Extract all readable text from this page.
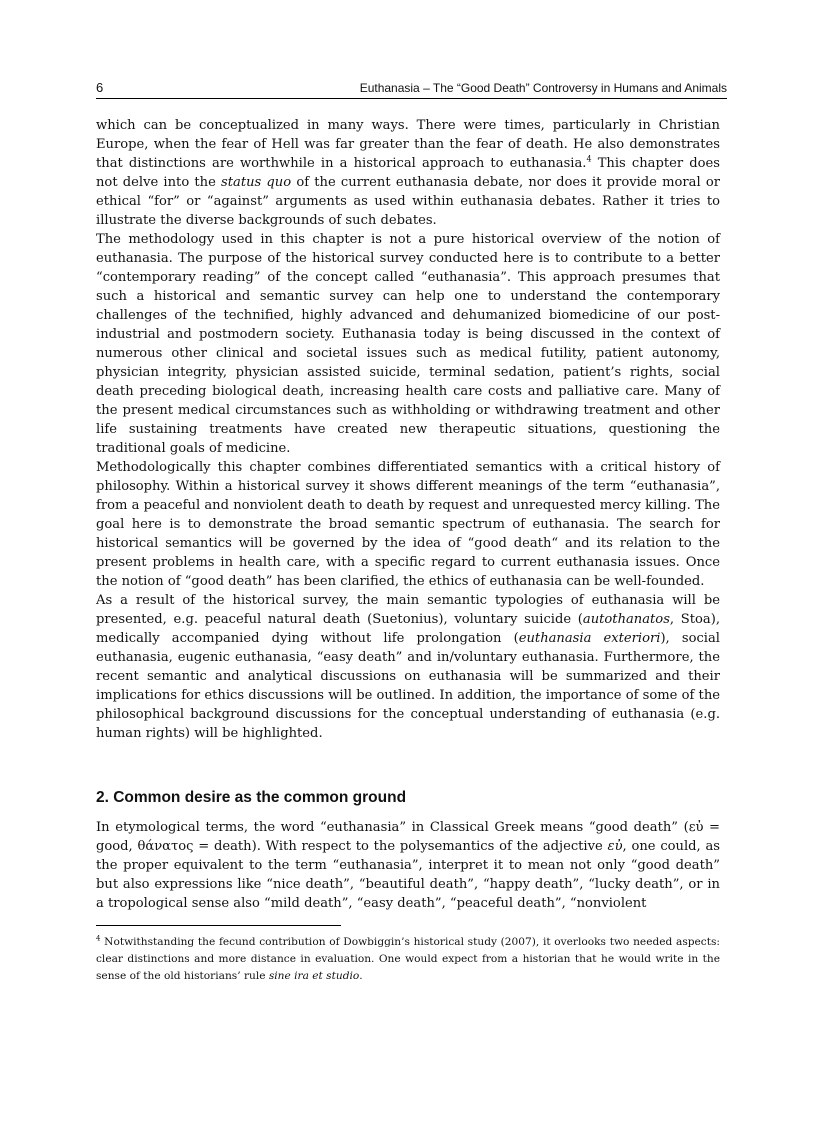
6	Euthanasia – The “Good Death” Controversy in Humans and Animals

which can be conceptualized in many ways. There were times, particularly in Christian Europe, when the fear of Hell was far greater than the fear of death. He also demonstrates that distinctions are worthwhile in a historical approach to euthanasia.$^4$ This chapter does not delve into the status quo of the current euthanasia debate, nor does it provide moral or ethical “for” or “against” arguments as used within euthanasia debates. Rather it tries to illustrate the diverse backgrounds of such debates.

The methodology used in this chapter is not a pure historical overview of the notion of euthanasia. The purpose of the historical survey conducted here is to contribute to a better “contemporary reading” of the concept called “euthanasia”. This approach presumes that such a historical and semantic survey can help one to understand the contemporary challenges of the technified, highly advanced and dehumanized biomedicine of our post-industrial and postmodern society. Euthanasia today is being discussed in the context of numerous other clinical and societal issues such as medical futility, patient autonomy, physician integrity, physician assisted suicide, terminal sedation, patient’s rights, social death preceding biological death, increasing health care costs and palliative care. Many of the present medical circumstances such as withholding or withdrawing treatment and other life sustaining treatments have created new therapeutic situations, questioning the traditional goals of medicine.

Methodologically this chapter combines differentiated semantics with a critical history of philosophy. Within a historical survey it shows different meanings of the term “euthanasia”, from a peaceful and nonviolent death to death by request and unrequested mercy killing. The goal here is to demonstrate the broad semantic spectrum of euthanasia. The search for historical semantics will be governed by the idea of “good death“ and its relation to the present problems in health care, with a specific regard to current euthanasia issues. Once the notion of “good death” has been clarified, the ethics of euthanasia can be well-founded.

As a result of the historical survey, the main semantic typologies of euthanasia will be presented, e.g. peaceful natural death (Suetonius), voluntary suicide (autothanatos, Stoa), medically accompanied dying without life prolongation (euthanasia exteriori), social euthanasia, eugenic euthanasia, “easy death” and in/voluntary euthanasia. Furthermore, the recent semantic and analytical discussions on euthanasia will be summarized and their implications for ethics discussions will be outlined. In addition, the importance of some of the philosophical background discussions for the conceptual understanding of euthanasia (e.g. human rights) will be highlighted.

2. Common desire as the common ground

In etymological terms, the word “euthanasia” in Classical Greek means “good death” (εὐ = good, θάνατος = death). With respect to the polysemantics of the adjective εὐ, one could, as the proper equivalent to the term “euthanasia”, interpret it to mean not only “good death” but also expressions like “nice death”, “beautiful death”, “happy death”, “lucky death”, or in a tropological sense also “mild death”, “easy death”, “peaceful death”, “nonviolent

$^4$ Notwithstanding the fecund contribution of Dowbiggin’s historical study (2007), it overlooks two needed aspects: clear distinctions and more distance in evaluation. One would expect from a historian that he would write in the sense of the old historians’ rule sine ira et studio.
